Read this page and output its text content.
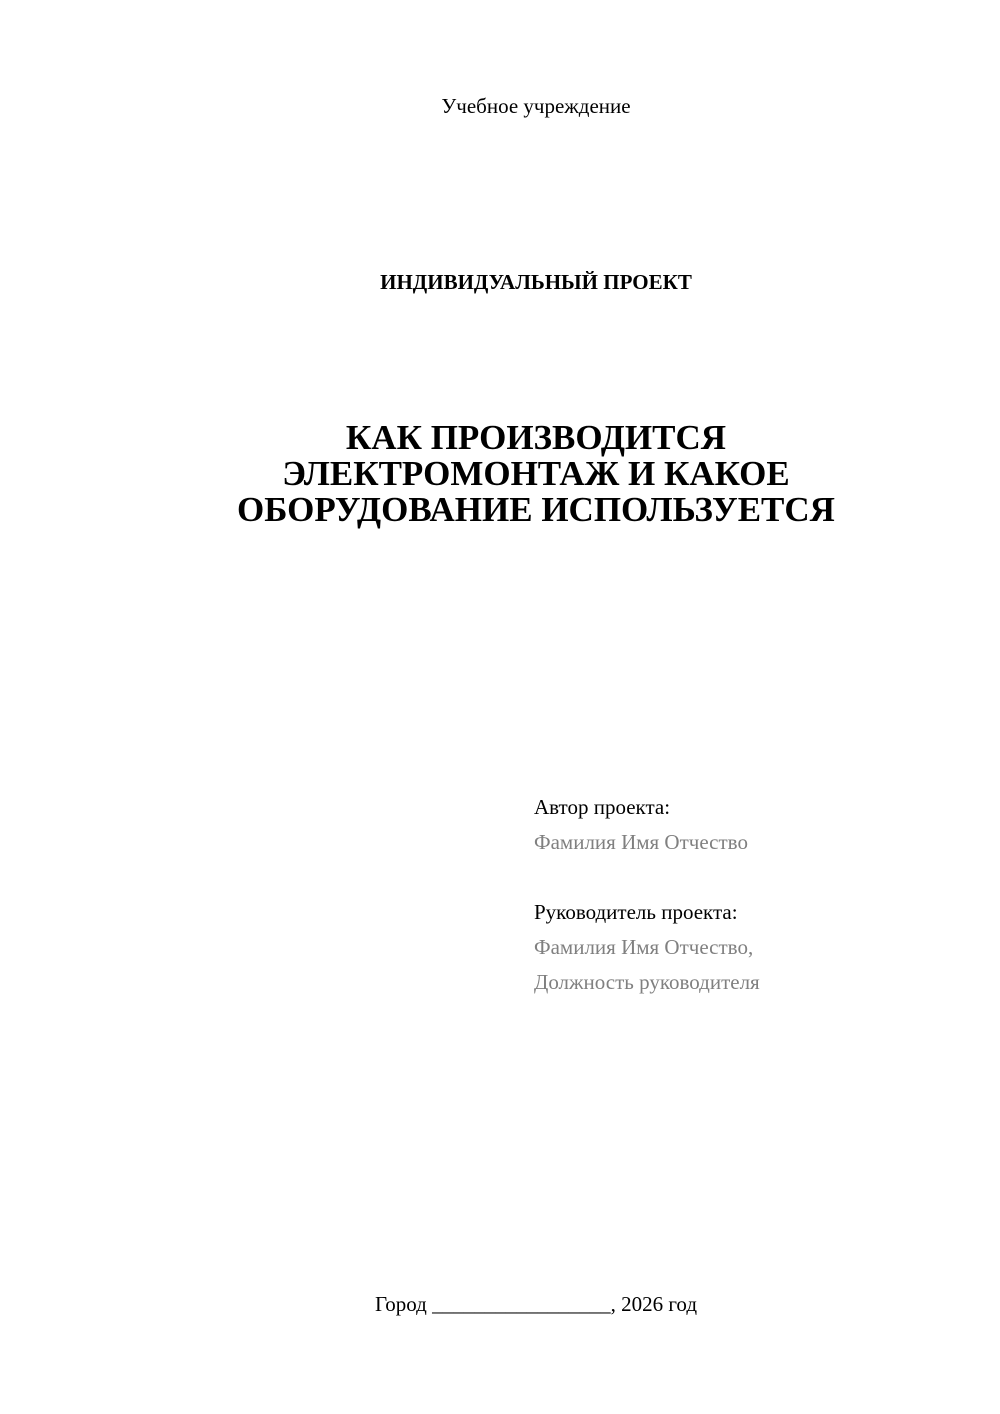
Учебное учреждение
ИНДИВИДУАЛЬНЫЙ ПРОЕКТ
КАК ПРОИЗВОДИТСЯ
ЭЛЕКТРОМОНТАЖ И КАКОЕ
ОБОРУДОВАНИЕ ИСПОЛЬЗУЕТСЯ
Автор проекта:
Фамилия Имя Отчество
Руководитель проекта:
Фамилия Имя Отчество,
Должность руководителя
Город _________________, 2026 год
